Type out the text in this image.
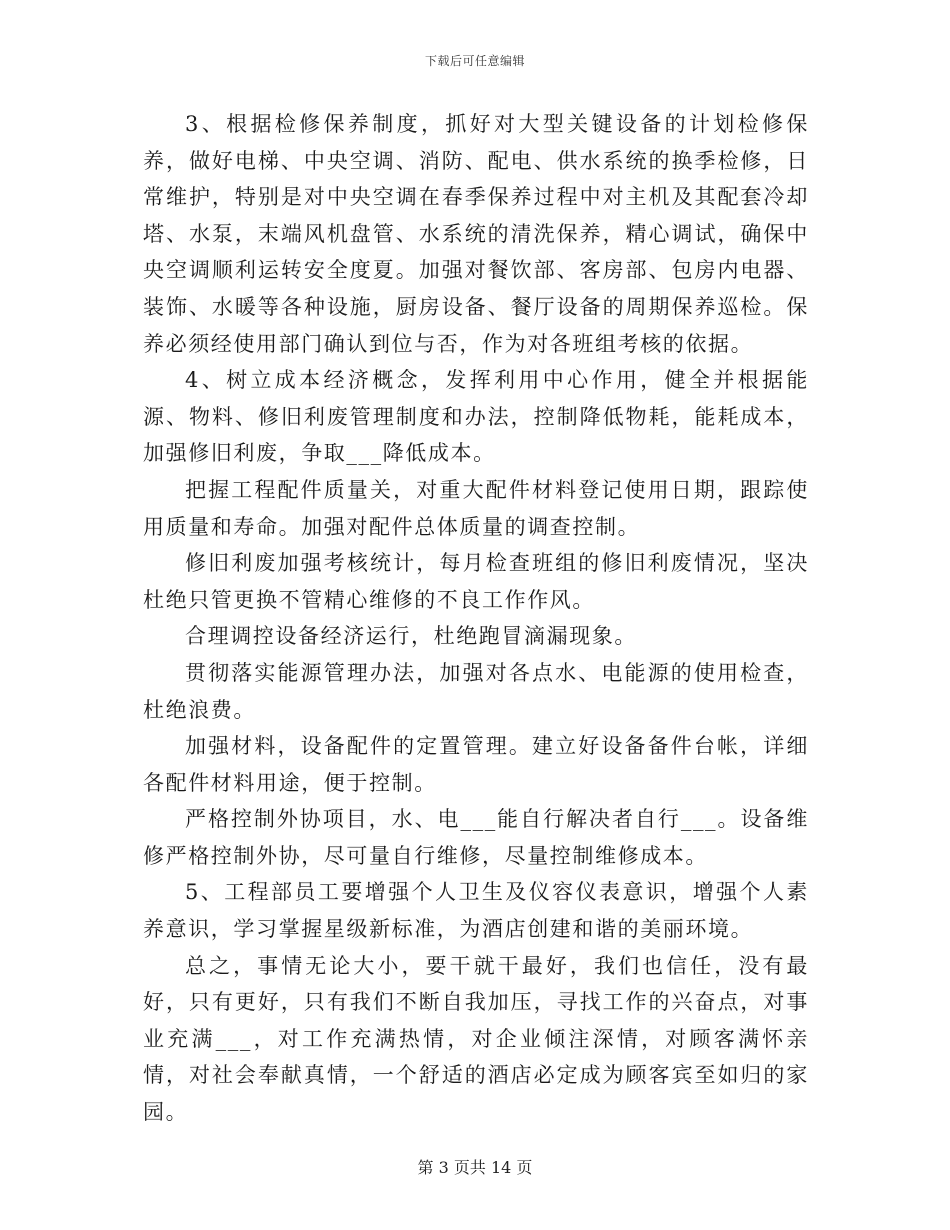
下载后可任意编辑

3、根据检修保养制度，抓好对大型关键设备的计划检修保养，做好电梯、中央空调、消防、配电、供水系统的换季检修，日常维护，特别是对中央空调在春季保养过程中对主机及其配套冷却塔、水泵，末端风机盘管、水系统的清洗保养，精心调试，确保中央空调顺利运转安全度夏。加强对餐饮部、客房部、包房内电器、装饰、水暖等各种设施，厨房设备、餐厅设备的周期保养巡检。保养必须经使用部门确认到位与否，作为对各班组考核的依据。

4、树立成本经济概念，发挥利用中心作用，健全并根据能源、物料、修旧利废管理制度和办法，控制降低物耗，能耗成本，加强修旧利废，争取___降低成本。

把握工程配件质量关，对重大配件材料登记使用日期，跟踪使用质量和寿命。加强对配件总体质量的调查控制。

修旧利废加强考核统计，每月检查班组的修旧利废情况，坚决杜绝只管更换不管精心维修的不良工作作风。

合理调控设备经济运行，杜绝跑冒滴漏现象。

贯彻落实能源管理办法，加强对各点水、电能源的使用检查，杜绝浪费。

加强材料，设备配件的定置管理。建立好设备备件台帐，详细各配件材料用途，便于控制。

严格控制外协项目，水、电___能自行解决者自行___。设备维修严格控制外协，尽可量自行维修，尽量控制维修成本。

5、工程部员工要增强个人卫生及仪容仪表意识，增强个人素养意识，学习掌握星级新标准，为酒店创建和谐的美丽环境。

总之，事情无论大小，要干就干最好，我们也信任，没有最好，只有更好，只有我们不断自我加压，寻找工作的兴奋点，对事业充满___，对工作充满热情，对企业倾注深情，对顾客满怀亲情，对社会奉献真情，一个舒适的酒店必定成为顾客宾至如归的家园。

第 3 页共 14 页
